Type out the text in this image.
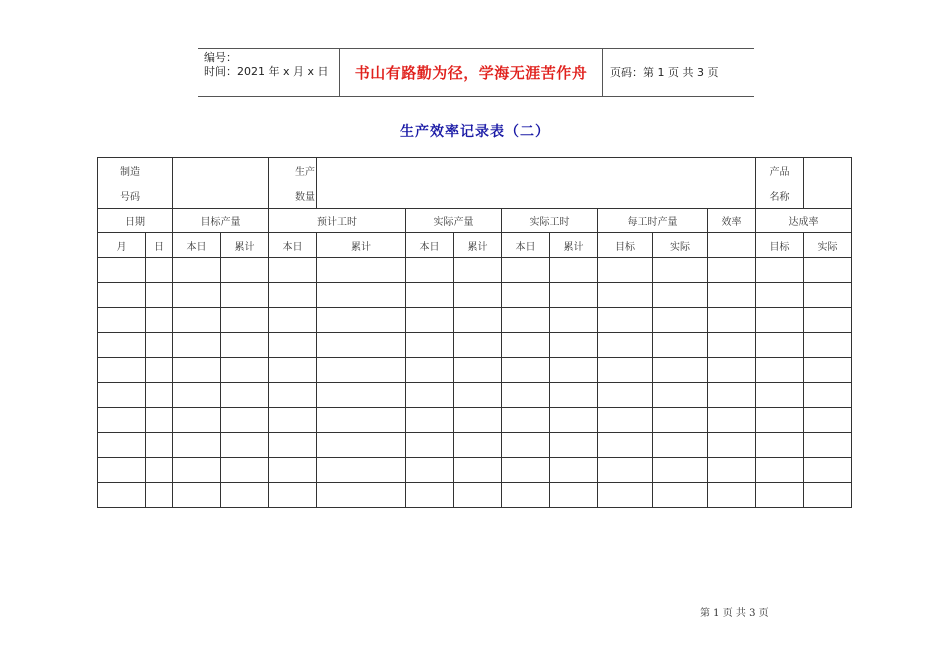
编号：
时间：2021 年 x 月 x 日	书山有路勤为径，学海无涯苦作舟	页码：第 1 页 共 3 页
生产效率记录表（二）
制造				生产									产品	
号码				数量									名称	
日期		目标产量		预计工时		实际产量		实际工时		每工时产量		效率	达成率	
月	日	本日	累计	本日	累计	本日	累计	本日	累计	目标	实际		目标	实际

第 1 页 共 3 页
